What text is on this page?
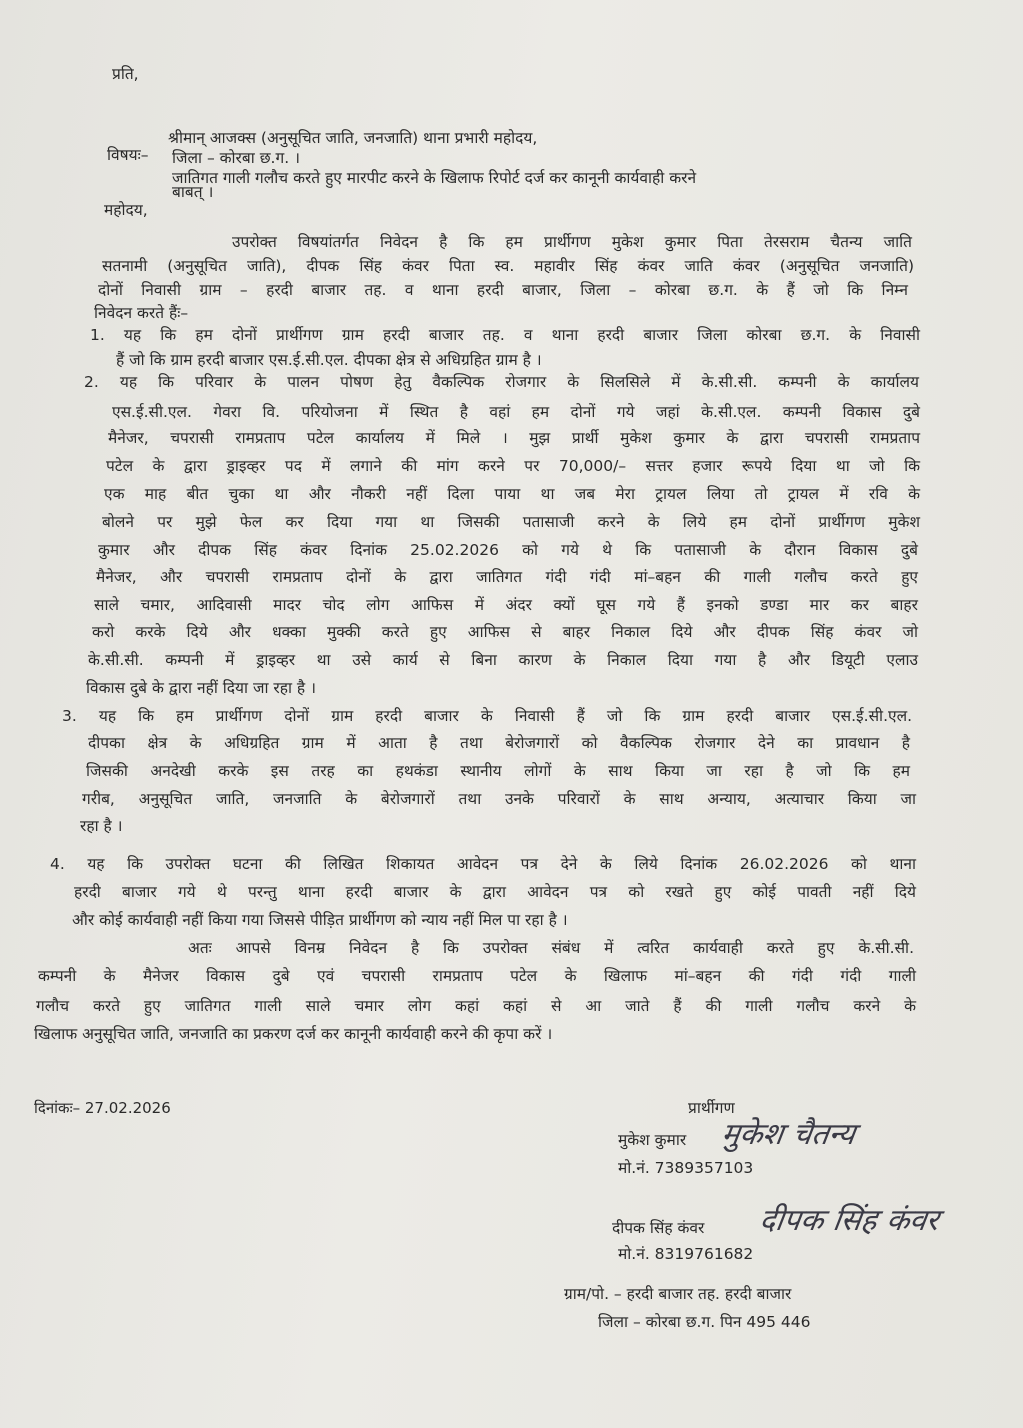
प्रति,
श्रीमान् आजक्स (अनुसूचित जाति, जनजाति) थाना प्रभारी महोदय,
जिला – कोरबा छ.ग. ।
विषयः–
जातिगत गाली गलौच करते हुए मारपीट करने के खिलाफ रिपोर्ट दर्ज कर कानूनी कार्यवाही करने
बाबत् ।
महोदय,
उपरोक्त विषयांतर्गत निवेदन है कि हम प्रार्थीगण मुकेश कुमार पिता तेरसराम चैतन्य जाति
सतनामी (अनुसूचित जाति), दीपक सिंह कंवर पिता स्व. महावीर सिंह कंवर जाति कंवर (अनुसूचित जनजाति)
दोनों निवासी ग्राम – हरदी बाजार तह. व थाना हरदी बाजार, जिला – कोरबा छ.ग. के हैं जो कि निम्न
निवेदन करते हैंः–
1. यह कि हम दोनों प्रार्थीगण ग्राम हरदी बाजार तह. व थाना हरदी बाजार जिला कोरबा छ.ग. के निवासी
हैं जो कि ग्राम हरदी बाजार एस.ई.सी.एल. दीपका क्षेत्र से अधिग्रहित ग्राम है ।
2. यह कि परिवार के पालन पोषण हेतु वैकल्पिक रोजगार के सिलसिले में के.सी.सी. कम्पनी के कार्यालय
एस.ई.सी.एल. गेवरा वि. परियोजना में स्थित है वहां हम दोनों गये जहां के.सी.एल. कम्पनी विकास दुबे
मैनेजर, चपरासी रामप्रताप पटेल कार्यालय में मिले । मुझ प्रार्थी मुकेश कुमार के द्वारा चपरासी रामप्रताप
पटेल के द्वारा ड्राइव्हर पद में लगाने की मांग करने पर 70,000/– सत्तर हजार रूपये दिया था जो कि
एक माह बीत चुका था और नौकरी नहीं दिला पाया था जब मेरा ट्रायल लिया तो ट्रायल में रवि के
बोलने पर मुझे फेल कर दिया गया था जिसकी पतासाजी करने के लिये हम दोनों प्रार्थीगण मुकेश
कुमार और दीपक सिंह कंवर दिनांक 25.02.2026 को गये थे कि पतासाजी के दौरान विकास दुबे
मैनेजर, और चपरासी रामप्रताप दोनों के द्वारा जातिगत गंदी गंदी मां–बहन की गाली गलौच करते हुए
साले चमार, आदिवासी मादर चोद लोग आफिस में अंदर क्यों घूस गये हैं इनको डण्डा मार कर बाहर
करो करके दिये और धक्का मुक्की करते हुए आफिस से बाहर निकाल दिये और दीपक सिंह कंवर जो
के.सी.सी. कम्पनी में ड्राइव्हर था उसे कार्य से बिना कारण के निकाल दिया गया है और डियूटी एलाउ
विकास दुबे के द्वारा नहीं दिया जा रहा है ।
3. यह कि हम प्रार्थीगण दोनों ग्राम हरदी बाजार के निवासी हैं जो कि ग्राम हरदी बाजार एस.ई.सी.एल.
दीपका क्षेत्र के अधिग्रहित ग्राम में आता है तथा बेरोजगारों को वैकल्पिक रोजगार देने का प्रावधान है
जिसकी अनदेखी करके इस तरह का हथकंडा स्थानीय लोगों के साथ किया जा रहा है जो कि हम
गरीब, अनुसूचित जाति, जनजाति के बेरोजगारों तथा उनके परिवारों के साथ अन्याय, अत्याचार किया जा
रहा है ।
4. यह कि उपरोक्त घटना की लिखित शिकायत आवेदन पत्र देने के लिये दिनांक 26.02.2026 को थाना
हरदी बाजार गये थे परन्तु थाना हरदी बाजार के द्वारा आवेदन पत्र को रखते हुए कोई पावती नहीं दिये
और कोई कार्यवाही नहीं किया गया जिससे पीड़ित प्रार्थीगण को न्याय नहीं मिल पा रहा है ।
अतः आपसे विनम्र निवेदन है कि उपरोक्त संबंध में त्वरित कार्यवाही करते हुए के.सी.सी.
कम्पनी के मैनेजर विकास दुबे एवं चपरासी रामप्रताप पटेल के खिलाफ मां–बहन की गंदी गंदी गाली
गलौच करते हुए जातिगत गाली साले चमार लोग कहां कहां से आ जाते हैं की गाली गलौच करने के
खिलाफ अनुसूचित जाति, जनजाति का प्रकरण दर्ज कर कानूनी कार्यवाही करने की कृपा करें ।
दिनांकः– 27.02.2026	प्रार्थीगण
मुकेश कुमार मुकेश चैतन्य
मो.नं. 7389357103
दीपक सिंह कंवर दीपक सिंह कंवर
मो.नं. 8319761682
ग्राम/पो. – हरदी बाजार तह. हरदी बाजार
जिला – कोरबा छ.ग. पिन 495 446
